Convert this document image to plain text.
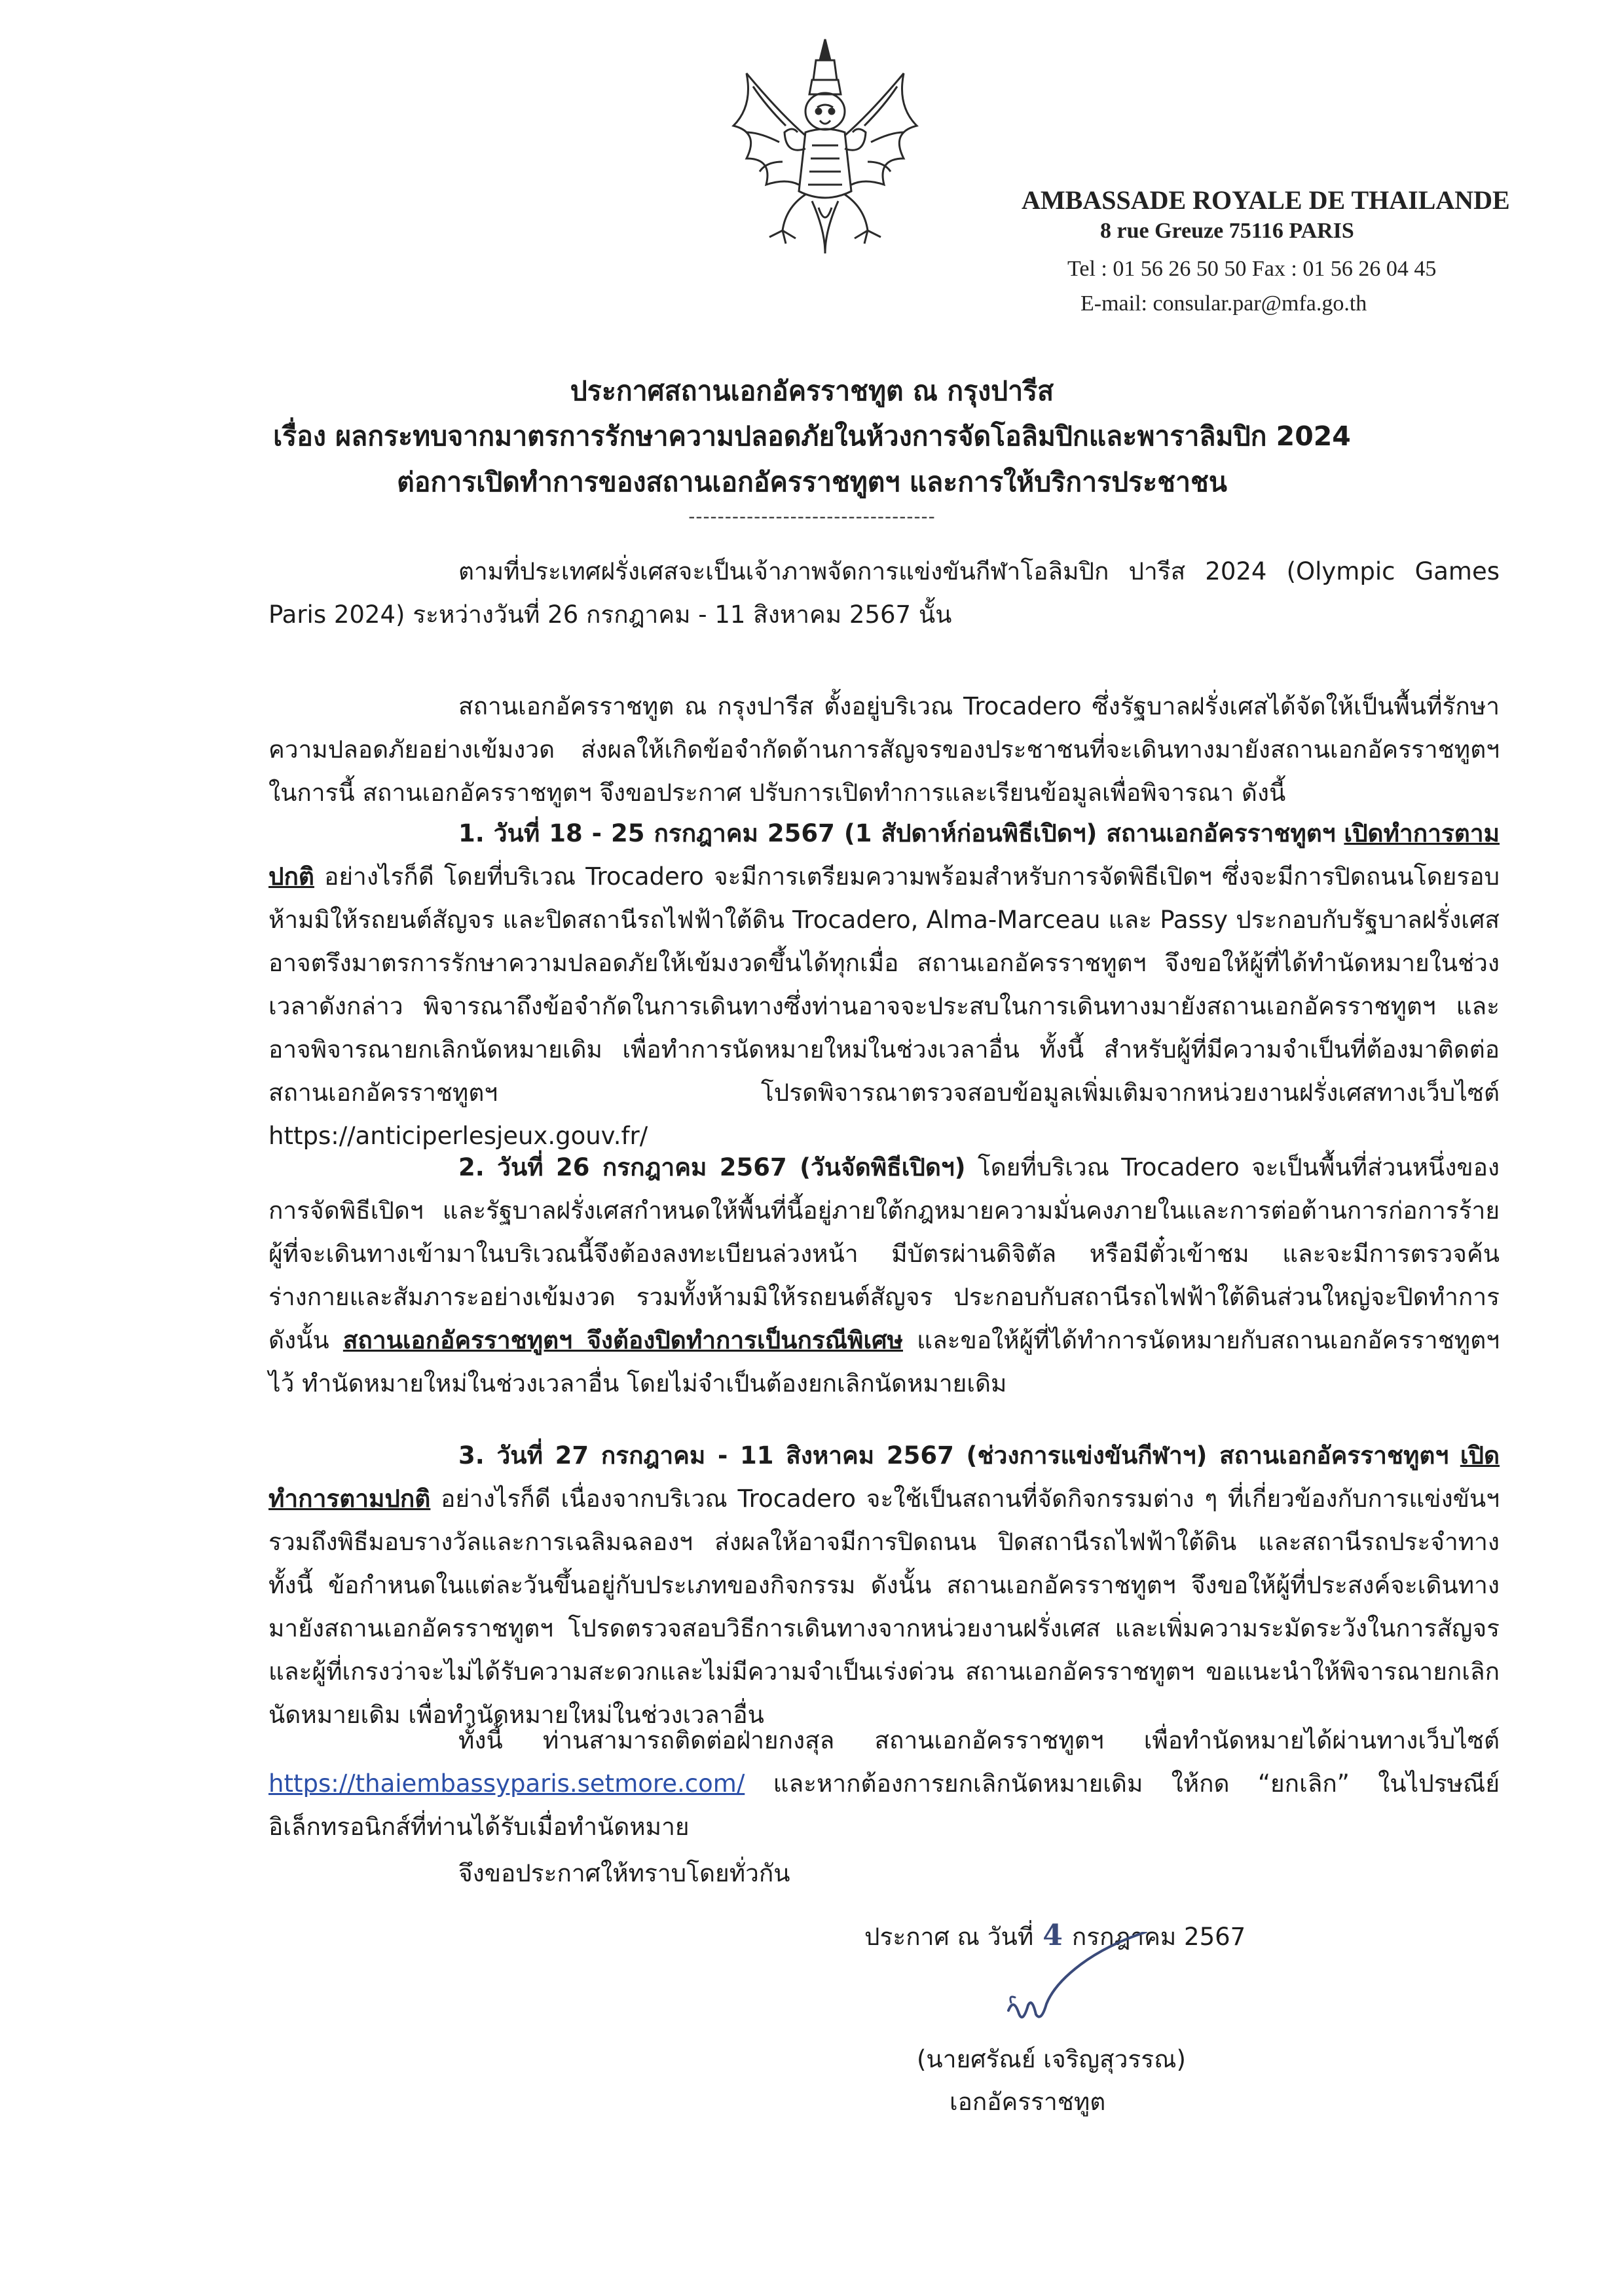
AMBASSADE ROYALE DE THAILANDE
8 rue Greuze 75116 PARIS
Tel : 01 56 26 50 50 Fax : 01 56 26 04 45
E-mail: consular.par@mfa.go.th
ประกาศสถานเอกอัครราชทูต ณ กรุงปารีส
เรื่อง ผลกระทบจากมาตรการรักษาความปลอดภัยในห้วงการจัดโอลิมปิกและพาราลิมปิก 2024
ต่อการเปิดทำการของสถานเอกอัครราชทูตฯ และการให้บริการประชาชน
----------------------------------

ตามที่ประเทศฝรั่งเศสจะเป็นเจ้าภาพจัดการแข่งขันกีฬาโอลิมปิก ปารีส 2024 (Olympic Games Paris 2024) ระหว่างวันที่ 26 กรกฎาคม - 11 สิงหาคม 2567 นั้น

สถานเอกอัครราชทูต ณ กรุงปารีส ตั้งอยู่บริเวณ Trocadero ซึ่งรัฐบาลฝรั่งเศสได้จัดให้เป็นพื้นที่รักษาความปลอดภัยอย่างเข้มงวด ส่งผลให้เกิดข้อจำกัดด้านการสัญจรของประชาชนที่จะเดินทางมายังสถานเอกอัครราชทูตฯ ในการนี้ สถานเอกอัครราชทูตฯ จึงขอประกาศ ปรับการเปิดทำการและเรียนข้อมูลเพื่อพิจารณา ดังนี้

1. วันที่ 18 - 25 กรกฎาคม 2567 (1 สัปดาห์ก่อนพิธีเปิดฯ) สถานเอกอัครราชทูตฯ เปิดทำการตามปกติ อย่างไรก็ดี โดยที่บริเวณ Trocadero จะมีการเตรียมความพร้อมสำหรับการจัดพิธีเปิดฯ ซึ่งจะมีการปิดถนนโดยรอบ ห้ามมิให้รถยนต์สัญจร และปิดสถานีรถไฟฟ้าใต้ดิน Trocadero, Alma-Marceau และ Passy ประกอบกับรัฐบาลฝรั่งเศสอาจตรึงมาตรการรักษาความปลอดภัยให้เข้มงวดขึ้นได้ทุกเมื่อ สถานเอกอัครราชทูตฯ จึงขอให้ผู้ที่ได้ทำนัดหมายในช่วงเวลาดังกล่าว พิจารณาถึงข้อจำกัดในการเดินทางซึ่งท่านอาจจะประสบในการเดินทางมายังสถานเอกอัครราชทูตฯ และอาจพิจารณายกเลิกนัดหมายเดิม เพื่อทำการนัดหมายใหม่ในช่วงเวลาอื่น ทั้งนี้ สำหรับผู้ที่มีความจำเป็นที่ต้องมาติดต่อสถานเอกอัครราชทูตฯ โปรดพิจารณาตรวจสอบข้อมูลเพิ่มเติมจากหน่วยงานฝรั่งเศสทางเว็บไซต์ https://anticiperlesjeux.gouv.fr/

2. วันที่ 26 กรกฎาคม 2567 (วันจัดพิธีเปิดฯ) โดยที่บริเวณ Trocadero จะเป็นพื้นที่ส่วนหนึ่งของการจัดพิธีเปิดฯ และรัฐบาลฝรั่งเศสกำหนดให้พื้นที่นี้อยู่ภายใต้กฎหมายความมั่นคงภายในและการต่อต้านการก่อการร้าย ผู้ที่จะเดินทางเข้ามาในบริเวณนี้จึงต้องลงทะเบียนล่วงหน้า มีบัตรผ่านดิจิตัล หรือมีตั๋วเข้าชม และจะมีการตรวจค้นร่างกายและสัมภาระอย่างเข้มงวด รวมทั้งห้ามมิให้รถยนต์สัญจร ประกอบกับสถานีรถไฟฟ้าใต้ดินส่วนใหญ่จะปิดทำการ ดังนั้น สถานเอกอัครราชทูตฯ จึงต้องปิดทำการเป็นกรณีพิเศษ และขอให้ผู้ที่ได้ทำการนัดหมายกับสถานเอกอัครราชทูตฯ ไว้ ทำนัดหมายใหม่ในช่วงเวลาอื่น โดยไม่จำเป็นต้องยกเลิกนัดหมายเดิม

3. วันที่ 27 กรกฎาคม - 11 สิงหาคม 2567 (ช่วงการแข่งขันกีฬาฯ) สถานเอกอัครราชทูตฯ เปิดทำการตามปกติ อย่างไรก็ดี เนื่องจากบริเวณ Trocadero จะใช้เป็นสถานที่จัดกิจกรรมต่าง ๆ ที่เกี่ยวข้องกับการแข่งขันฯ รวมถึงพิธีมอบรางวัลและการเฉลิมฉลองฯ ส่งผลให้อาจมีการปิดถนน ปิดสถานีรถไฟฟ้าใต้ดิน และสถานีรถประจำทาง ทั้งนี้ ข้อกำหนดในแต่ละวันขึ้นอยู่กับประเภทของกิจกรรม ดังนั้น สถานเอกอัครราชทูตฯ จึงขอให้ผู้ที่ประสงค์จะเดินทางมายังสถานเอกอัครราชทูตฯ โปรดตรวจสอบวิธีการเดินทางจากหน่วยงานฝรั่งเศส และเพิ่มความระมัดระวังในการสัญจร และผู้ที่เกรงว่าจะไม่ได้รับความสะดวกและไม่มีความจำเป็นเร่งด่วน สถานเอกอัครราชทูตฯ ขอแนะนำให้พิจารณายกเลิกนัดหมายเดิม เพื่อทำนัดหมายใหม่ในช่วงเวลาอื่น

ทั้งนี้ ท่านสามารถติดต่อฝ่ายกงสุล สถานเอกอัครราชทูตฯ เพื่อทำนัดหมายได้ผ่านทางเว็บไซต์ https://thaiembassyparis.setmore.com/ และหากต้องการยกเลิกนัดหมายเดิม ให้กด “ยกเลิก” ในไปรษณีย์อิเล็กทรอนิกส์ที่ท่านได้รับเมื่อทำนัดหมาย

จึงขอประกาศให้ทราบโดยทั่วกัน

ประกาศ ณ วันที่ 4 กรกฎาคม 2567
(นายศรัณย์ เจริญสุวรรณ)
เอกอัครราชทูต
